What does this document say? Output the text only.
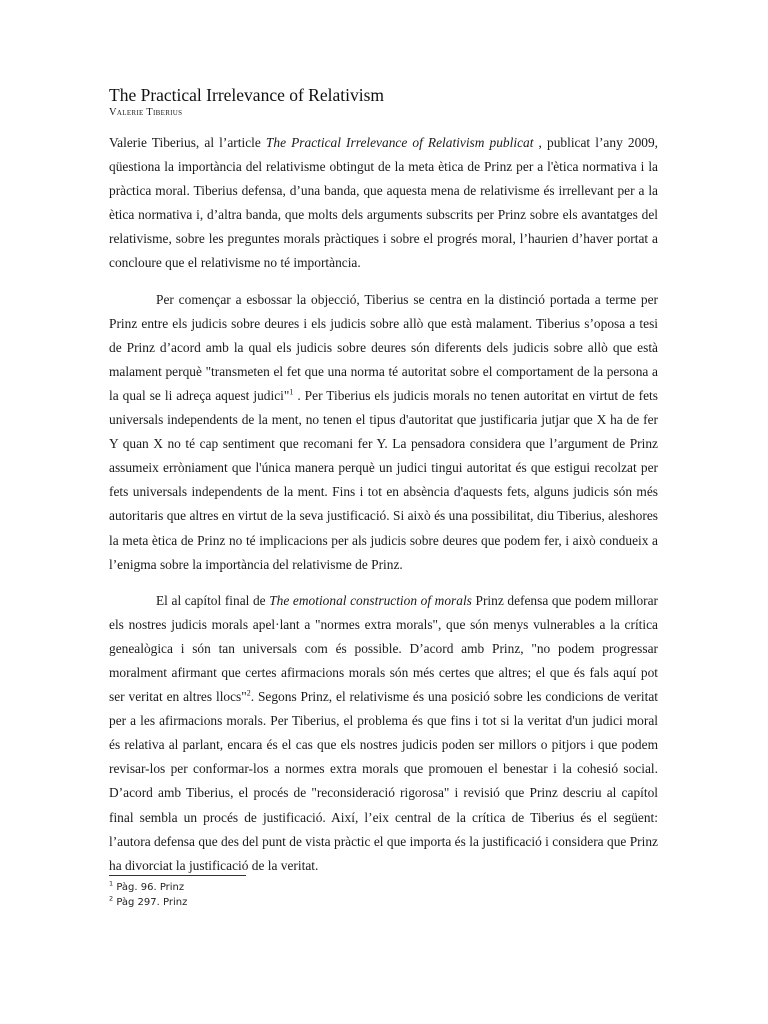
The Practical Irrelevance of Relativism
Valerie Tiberius

Valerie Tiberius, al l’article The Practical Irrelevance of Relativism publicat , publicat l’any 2009, qüestiona la importància del relativisme obtingut de la meta ètica de Prinz per a l'ètica normativa i la pràctica moral. Tiberius defensa, d’una banda, que aquesta mena de relativisme és irrellevant per a la ètica normativa i, d’altra banda, que molts dels arguments subscrits per Prinz sobre els avantatges del relativisme, sobre les preguntes morals pràctiques i sobre el progrés moral, l’haurien d’haver portat a concloure que el relativisme no té importància.

Per començar a esbossar la objecció, Tiberius se centra en la distinció portada a terme per Prinz entre els judicis sobre deures i els judicis sobre allò que està malament. Tiberius s’oposa a tesi de Prinz d’acord amb la qual els judicis sobre deures són diferents dels judicis sobre allò que està malament perquè "transmeten el fet que una norma té autoritat sobre el comportament de la persona a la qual se li adreça aquest judici"$^1$ . Per Tiberius els judicis morals no tenen autoritat en virtut de fets universals independents de la ment, no tenen el tipus d'autoritat que justificaria jutjar que X ha de fer Y quan X no té cap sentiment que recomani fer Y. La pensadora considera que l’argument de Prinz assumeix erròniament que l'única manera perquè un judici tingui autoritat és que estigui recolzat per fets universals independents de la ment. Fins i tot en absència d'aquests fets, alguns judicis són més autoritaris que altres en virtut de la seva justificació. Si això és una possibilitat, diu Tiberius, aleshores la meta ètica de Prinz no té implicacions per als judicis sobre deures que podem fer, i això condueix a l’enigma sobre la importància del relativisme de Prinz.

El al capítol final de The emotional construction of morals Prinz defensa que podem millorar els nostres judicis morals apel·lant a "normes extra morals", que són menys vulnerables a la crítica genealògica i són tan universals com és possible. D’acord amb Prinz, "no podem progressar moralment afirmant que certes afirmacions morals són més certes que altres; el que és fals aquí pot ser veritat en altres llocs"$^2$. Segons Prinz, el relativisme és una posició sobre les condicions de veritat per a les afirmacions morals. Per Tiberius, el problema és que fins i tot si la veritat d'un judici moral és relativa al parlant, encara és el cas que els nostres judicis poden ser millors o pitjors i que podem revisar-los per conformar-los a normes extra morals que promouen el benestar i la cohesió social. D’acord amb Tiberius, el procés de "reconsideració rigorosa" i revisió que Prinz descriu al capítol final sembla un procés de justificació. Així, l’eix central de la crítica de Tiberius és el següent: l’autora defensa que des del punt de vista pràctic el que importa és la justificació i considera que Prinz ha divorciat la justificació de la veritat.

$^1$ Pàg. 96. Prinz
$^2$ Pàg 297. Prinz
